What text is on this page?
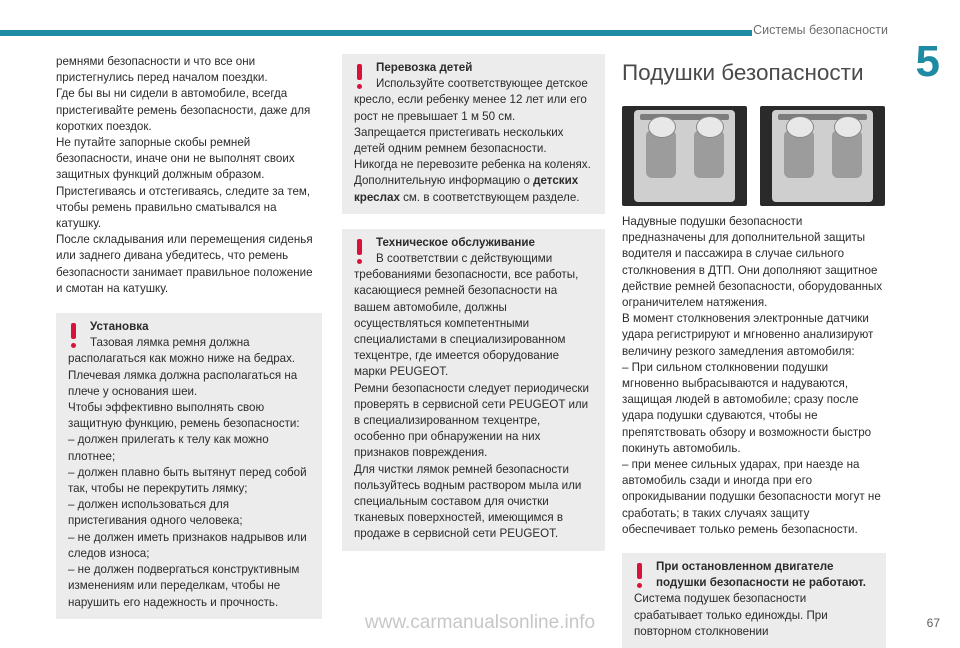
Системы безопасности
5

ремнями безопасности и что все они пристегнулись перед началом поездки.

Где бы вы ни сидели в автомобиле, всегда пристегивайте ремень безопасности, даже для коротких поездок.

Не путайте запорные скобы ремней безопасности, иначе они не выполнят своих защитных функций должным образом.

Пристегиваясь и отстегиваясь, следите за тем, чтобы ремень правильно сматывался на катушку.

После складывания или перемещения сиденья или заднего дивана убедитесь, что ремень безопасности занимает правильное положение и смотан на катушку.

Установка

Тазовая лямка ремня должна

располагаться как можно ниже на бедрах.

Плечевая лямка должна располагаться на плече у основания шеи.

Чтобы эффективно выполнять свою защитную функцию, ремень безопасности:

– должен прилегать к телу как можно плотнее;

– должен плавно быть вытянут перед собой так, чтобы не перекрутить лямку;

– должен использоваться для пристегивания одного человека;

– не должен иметь признаков надрывов или следов износа;

– не должен подвергаться конструктивным изменениям или переделкам, чтобы не нарушить его надежность и прочность.

Перевозка детей

Используйте соответствующее детское

кресло, если ребенку менее 12 лет или его рост не превышает 1 м 50 см.

Запрещается пристегивать нескольких детей одним ремнем безопасности.

Никогда не перевозите ребенка на коленях.

Дополнительную информацию о детских креслах см. в соответствующем разделе.

Техническое обслуживание

В соответствии с действующими

требованиями безопасности, все работы, касающиеся ремней безопасности на вашем автомобиле, должны осуществляться компетентными специалистами в специализированном техцентре, где имеется оборудование марки PEUGEOT.

Ремни безопасности следует периодически проверять в сервисной сети PEUGEOT или в специализированном техцентре, особенно при обнаружении на них признаков повреждения.

Для чистки лямок ремней безопасности пользуйтесь водным раствором мыла или специальным составом для очистки тканевых поверхностей, имеющимся в продаже в сервисной сети PEUGEOT.

Подушки безопасности

Надувные подушки безопасности предназначены для дополнительной защиты водителя и пассажира в случае сильного столкновения в ДТП. Они дополняют защитное действие ремней безопасности, оборудованных ограничителем натяжения.

В момент столкновения электронные датчики удара регистрируют и мгновенно анализируют величину резкого замедления автомобиля:

– При сильном столкновении подушки мгновенно выбрасываются и надуваются, защищая людей в автомобиле; сразу после удара подушки сдуваются, чтобы не препятствовать обзору и возможности быстро покинуть автомобиль.

– при менее сильных ударах, при наезде на автомобиль сзади и иногда при его опрокидывании подушки безопасности могут не сработать; в таких случаях защиту обеспечивает только ремень безопасности.

При остановленном двигателе подушки безопасности не работают.

Система подушек безопасности срабатывает только единожды. При повторном столкновении

www.carmanualsonline.info	67
